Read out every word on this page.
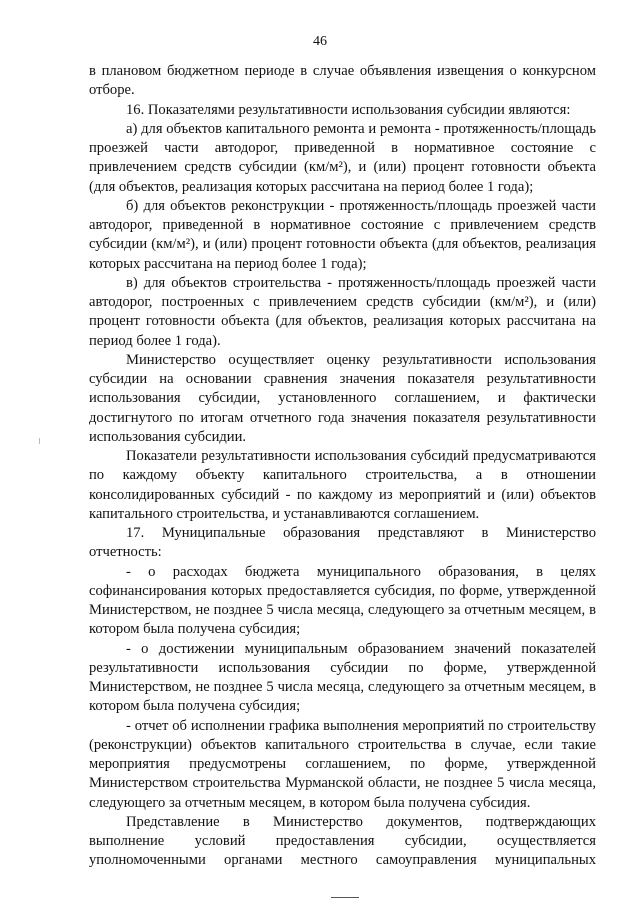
46

в плановом бюджетном периоде в случае объявления извещения о конкурсном отборе.

16. Показателями результативности использования субсидии являются:

а) для объектов капитального ремонта и ремонта - протяженность/площадь проезжей части автодорог, приведенной в нормативное состояние с привлечением средств субсидии (км/м²), и (или) процент готовности объекта (для объектов, реализация которых рассчитана на период более 1 года);

б) для объектов реконструкции - протяженность/площадь проезжей части автодорог, приведенной в нормативное состояние с привлечением средств субсидии (км/м²), и (или) процент готовности объекта (для объектов, реализация которых рассчитана на период более 1 года);

в) для объектов строительства - протяженность/площадь проезжей части автодорог, построенных с привлечением средств субсидии (км/м²), и (или) процент готовности объекта (для объектов, реализация которых рассчитана на период более 1 года).

Министерство осуществляет оценку результативности использования субсидии на основании сравнения значения показателя результативности использования субсидии, установленного соглашением, и фактически достигнутого по итогам отчетного года значения показателя результативности использования субсидии.

Показатели результативности использования субсидий предусматриваются по каждому объекту капитального строительства, а в отношении консолидированных субсидий - по каждому из мероприятий и (или) объектов капитального строительства, и устанавливаются соглашением.

17. Муниципальные образования представляют в Министерство отчетность:

- о расходах бюджета муниципального образования, в целях софинансирования которых предоставляется субсидия, по форме, утвержденной Министерством, не позднее 5 числа месяца, следующего за отчетным месяцем, в котором была получена субсидия;

- о достижении муниципальным образованием значений показателей результативности использования субсидии по форме, утвержденной Министерством, не позднее 5 числа месяца, следующего за отчетным месяцем, в котором была получена субсидия;

- отчет об исполнении графика выполнения мероприятий по строительству (реконструкции) объектов капитального строительства в случае, если такие мероприятия предусмотрены соглашением, по форме, утвержденной Министерством строительства Мурманской области, не позднее 5 числа месяца, следующего за отчетным месяцем, в котором была получена субсидия.

Представление в Министерство документов, подтверждающих выполнение условий предоставления субсидии, осуществляется уполномоченными органами местного самоуправления муниципальных
